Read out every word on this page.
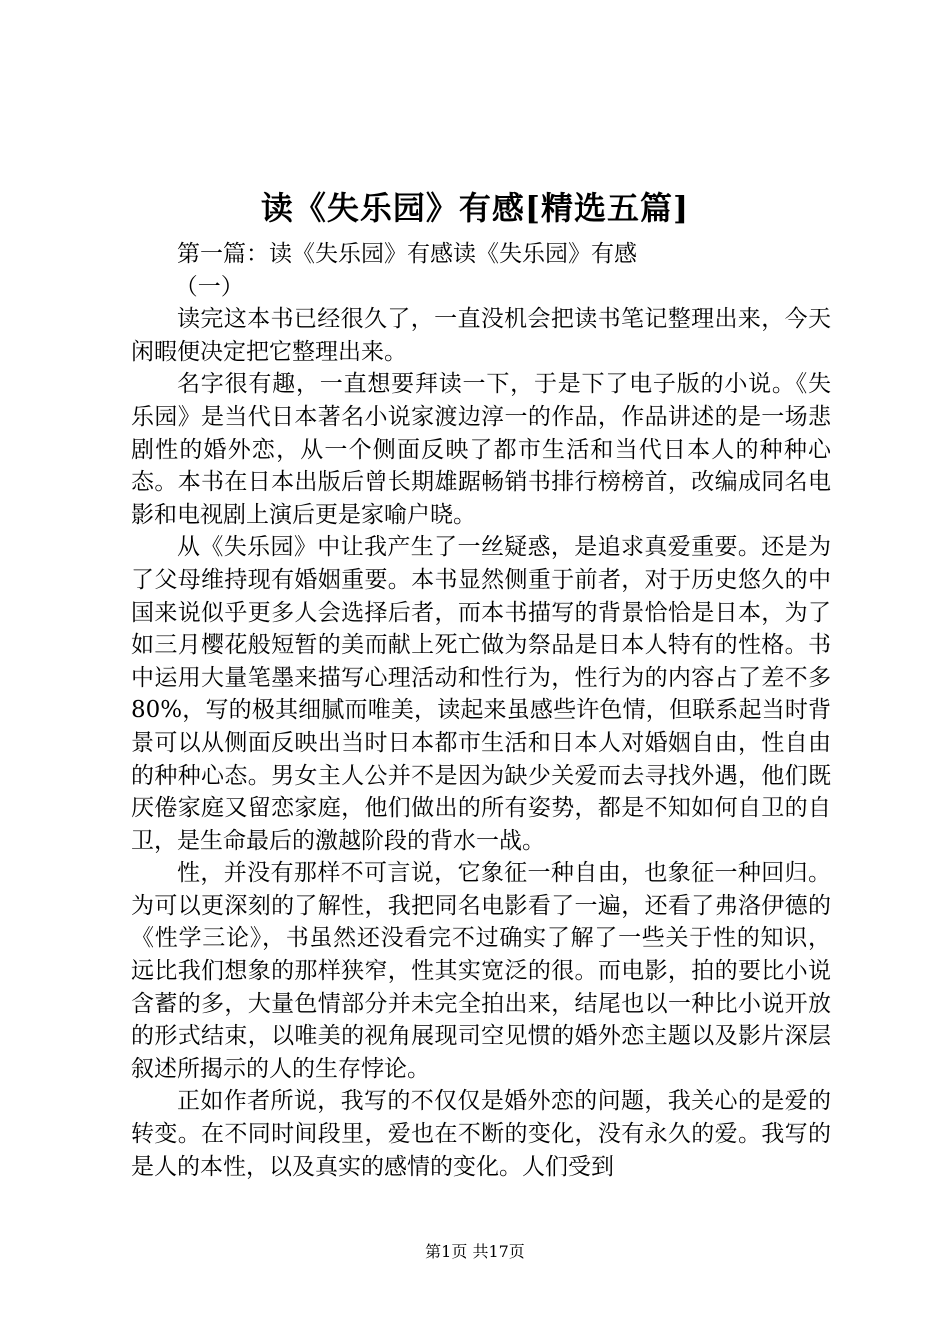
读《失乐园》有感[精选五篇]

第一篇：读《失乐园》有感读《失乐园》有感

（一）

读完这本书已经很久了，一直没机会把读书笔记整理出来，今天闲暇便决定把它整理出来。

名字很有趣，一直想要拜读一下，于是下了电子版的小说。《失乐园》是当代日本著名小说家渡边淳一的作品，作品讲述的是一场悲剧性的婚外恋，从一个侧面反映了都市生活和当代日本人的种种心态。本书在日本出版后曾长期雄踞畅销书排行榜榜首，改编成同名电影和电视剧上演后更是家喻户晓。

从《失乐园》中让我产生了一丝疑惑，是追求真爱重要。还是为了父母维持现有婚姻重要。本书显然侧重于前者，对于历史悠久的中国来说似乎更多人会选择后者，而本书描写的背景恰恰是日本，为了如三月樱花般短暂的美而献上死亡做为祭品是日本人特有的性格。书中运用大量笔墨来描写心理活动和性行为，性行为的内容占了差不多80%，写的极其细腻而唯美，读起来虽感些许色情，但联系起当时背景可以从侧面反映出当时日本都市生活和日本人对婚姻自由，性自由的种种心态。男女主人公并不是因为缺少关爱而去寻找外遇，他们既厌倦家庭又留恋家庭，他们做出的所有姿势，都是不知如何自卫的自卫，是生命最后的激越阶段的背水一战。

性，并没有那样不可言说，它象征一种自由，也象征一种回归。为可以更深刻的了解性，我把同名电影看了一遍，还看了弗洛伊德的《性学三论》，书虽然还没看完不过确实了解了一些关于性的知识，远比我们想象的那样狭窄，性其实宽泛的很。而电影，拍的要比小说含蓄的多，大量色情部分并未完全拍出来，结尾也以一种比小说开放的形式结束，以唯美的视角展现司空见惯的婚外恋主题以及影片深层叙述所揭示的人的生存悖论。

正如作者所说，我写的不仅仅是婚外恋的问题，我关心的是爱的转变。在不同时间段里，爱也在不断的变化，没有永久的爱。我写的是人的本性，以及真实的感情的变化。人们受到

第1页 共17页
